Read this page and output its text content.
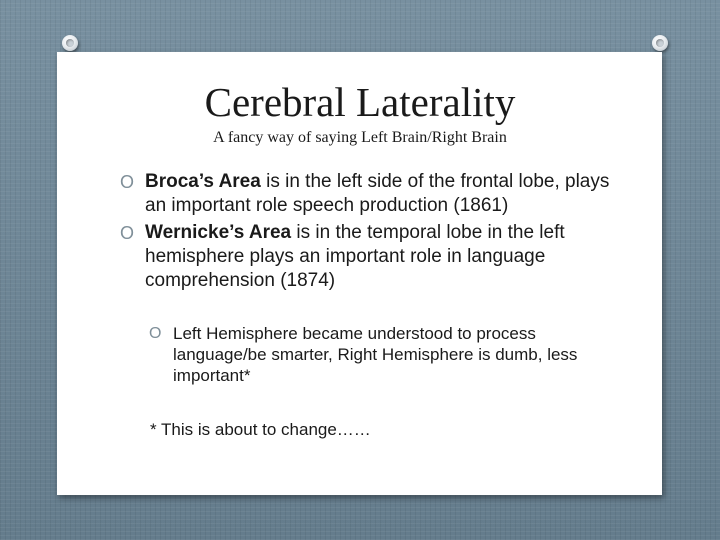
Cerebral Laterality
A fancy way of saying Left Brain/Right Brain
O Broca’s Area is in the left side of the frontal lobe, plays an important role speech production (1861)
O Wernicke’s Area is in the temporal lobe in the left hemisphere plays an important role in language comprehension (1874)
O Left Hemisphere became understood to process language/be smarter, Right Hemisphere is dumb, less important*
* This is about to change……
